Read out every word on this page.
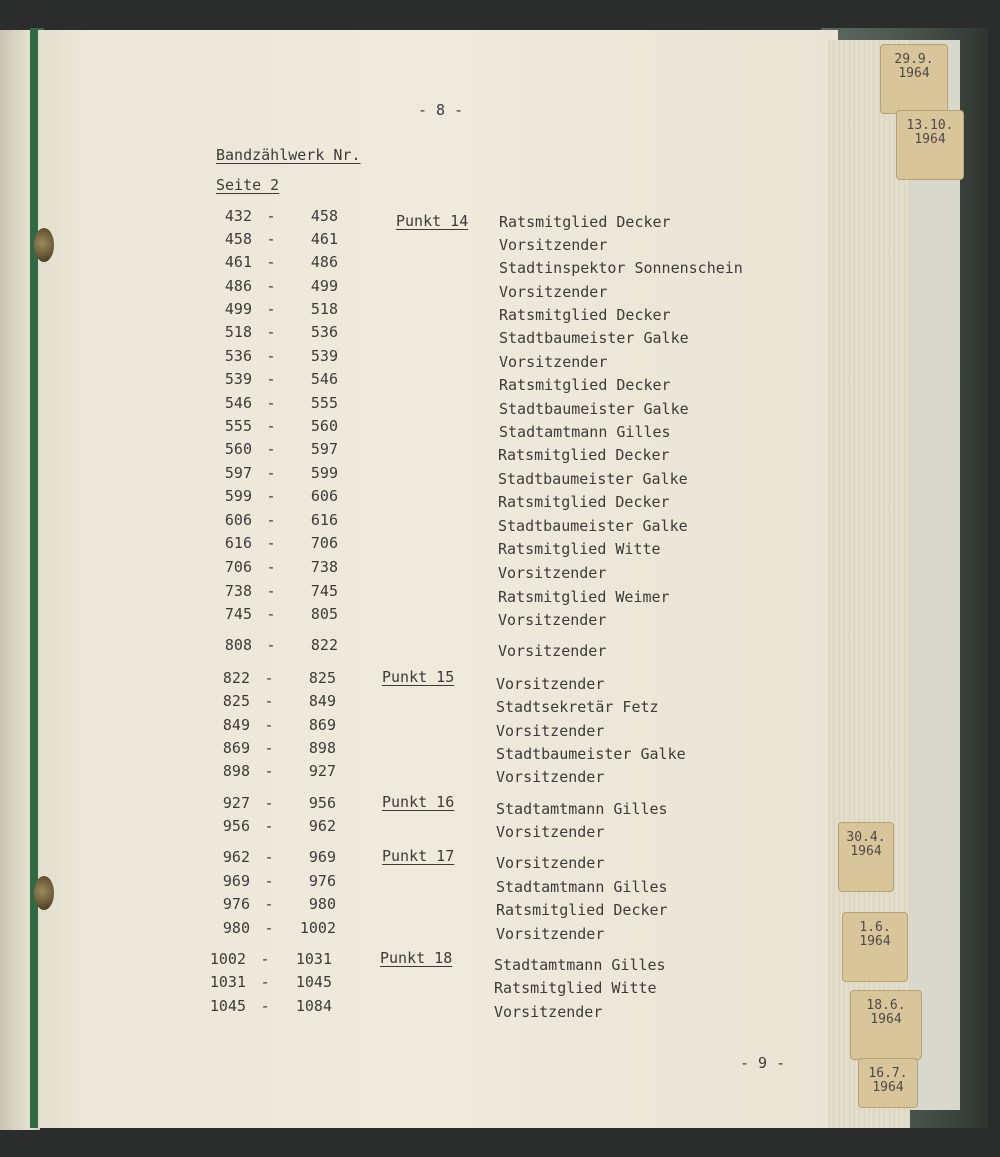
29.9.
1964
13.10.
1964
30.4.
1964
1.6.
1964
18.6.
1964
16.7.
1964
- 8 -
Bandzählwerk Nr.
Seite 2
432 -	458	Punkt 14 Ratsmitglied Decker
458 -	461	Vorsitzender
461 -	486	Stadtinspektor Sonnenschein
486 -	499	Vorsitzender
499 -	518	Ratsmitglied Decker
518 -	536	Stadtbaumeister Galke
536 -	539	Vorsitzender
539 -	546	Ratsmitglied Decker
546 -	555	Stadtbaumeister Galke
555 -	560	Stadtamtmann Gilles
560 -	597	Ratsmitglied Decker
597 -	599	Stadtbaumeister Galke
599 -	606	Ratsmitglied Decker
606 -	616	Stadtbaumeister Galke
616 -	706	Ratsmitglied Witte
706 -	738	Vorsitzender
738 -	745	Ratsmitglied Weimer
745 -	805	Vorsitzender
808 -	822	Vorsitzender
822 -	825	Punkt 15	Vorsitzender
825 -	849	Stadtsekretär Fetz
849 -	869	Vorsitzender
869 -	898	Stadtbaumeister Galke
898 -	927	Vorsitzender
927 -	956	Punkt 16	Stadtamtmann Gilles
956 -	962	Vorsitzender
962 -	969	Punkt 17	Vorsitzender
969 -	976	Stadtamtmann Gilles
976 -	980	Ratsmitglied Decker
980 -	1002	Vorsitzender
1002 -	1031	Punkt 18	Stadtamtmann Gilles
1031 -	1045	Ratsmitglied Witte
1045 -	1084	Vorsitzender
- 9 -
